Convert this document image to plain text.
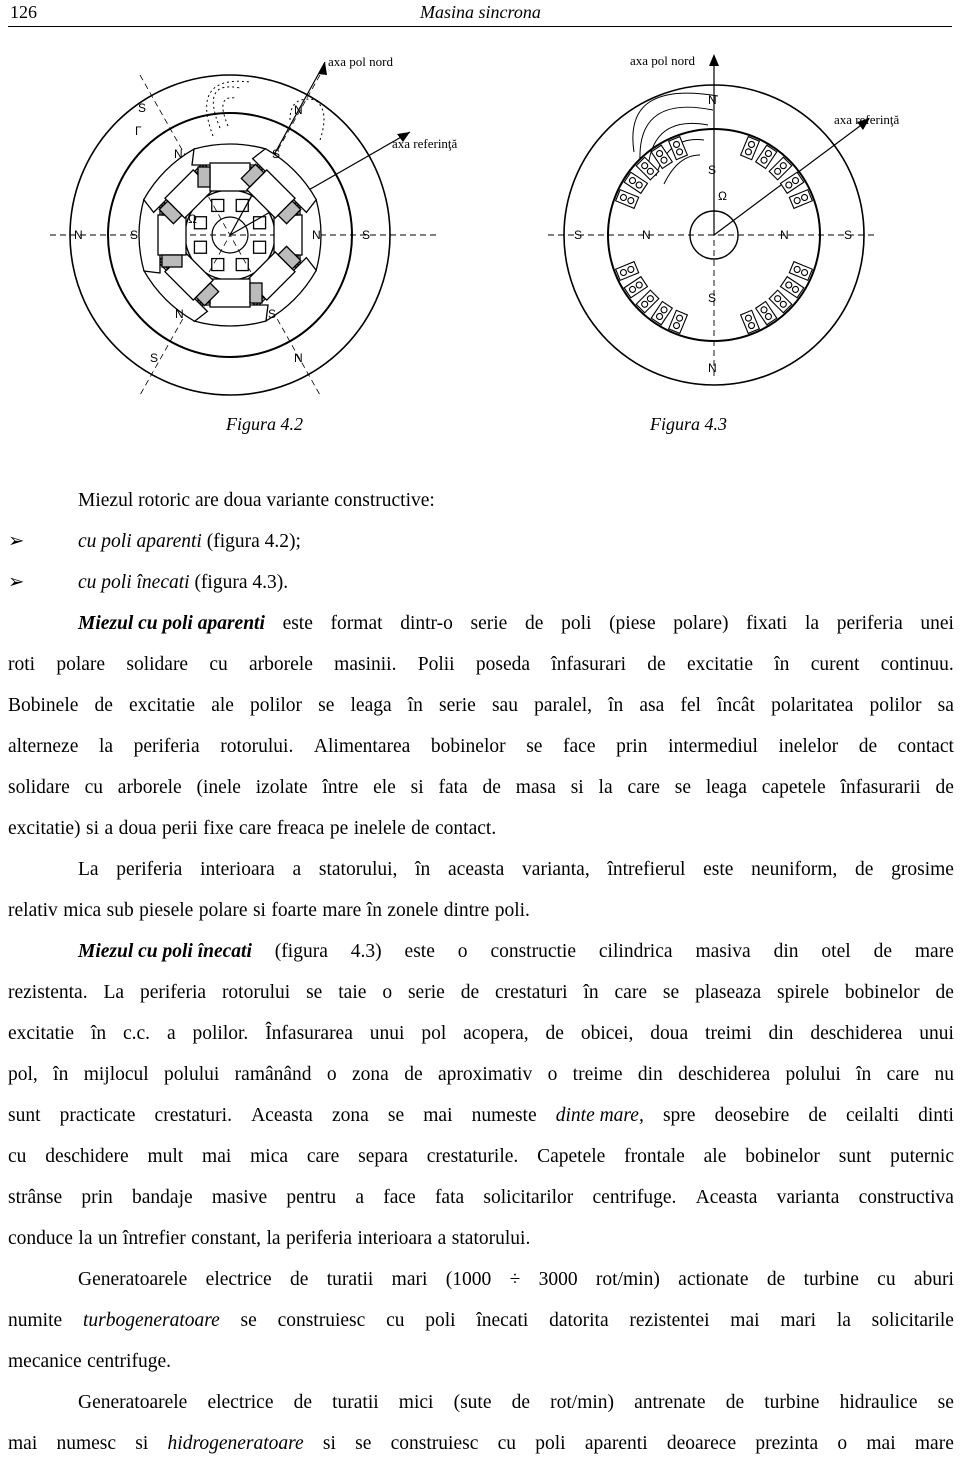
126	Masina sincrona
axa pol nord
axa referinţă
N	S	N	S
Ω
S
Γ
N	S
N
N	S
S	N
axa pol nord
axa referinţă
N
S
Ω
S	N	N	S
S
N
Figura 4.2	Figura 4.3
Miezul rotoric are doua variante constructive:
➢	cu poli aparenti (figura 4.2);
➢	cu poli înecati (figura 4.3).
Miezul cu poli aparenti este format dintr-o serie de poli (piese polare) fixati la periferia unei
roti polare solidare cu arborele masinii. Polii poseda înfasurari de excitatie în curent continuu.
Bobinele de excitatie ale polilor se leaga în serie sau paralel, în asa fel încât polaritatea polilor sa
alterneze la periferia rotorului. Alimentarea bobinelor se face prin intermediul inelelor de contact
solidare cu arborele (inele izolate între ele si fata de masa si la care se leaga capetele înfasurarii de
excitatie) si a doua perii fixe care freaca pe inelele de contact.
La periferia interioara a statorului, în aceasta varianta, întrefierul este neuniform, de grosime
relativ mica sub piesele polare si foarte mare în zonele dintre poli.
Miezul cu poli înecati (figura 4.3) este o constructie cilindrica masiva din otel de mare
rezistenta. La periferia rotorului se taie o serie de crestaturi în care se plaseaza spirele bobinelor de
excitatie în c.c. a polilor. Înfasurarea unui pol acopera, de obicei, doua treimi din deschiderea unui
pol, în mijlocul polului ramânând o zona de aproximativ o treime din deschiderea polului în care nu
sunt practicate crestaturi. Aceasta zona se mai numeste dinte mare, spre deosebire de ceilalti dinti
cu deschidere mult mai mica care separa crestaturile. Capetele frontale ale bobinelor sunt puternic
strânse prin bandaje masive pentru a face fata solicitarilor centrifuge. Aceasta varianta constructiva
conduce la un întrefier constant, la periferia interioara a statorului.
Generatoarele electrice de turatii mari (1000 ÷ 3000 rot/min) actionate de turbine cu aburi
numite turbogeneratoare se construiesc cu poli înecati datorita rezistentei mai mari la solicitarile
mecanice centrifuge.
Generatoarele electrice de turatii mici (sute de rot/min) antrenate de turbine hidraulice se
mai numesc si hidrogeneratoare si se construiesc cu poli aparenti deoarece prezinta o mai mare
